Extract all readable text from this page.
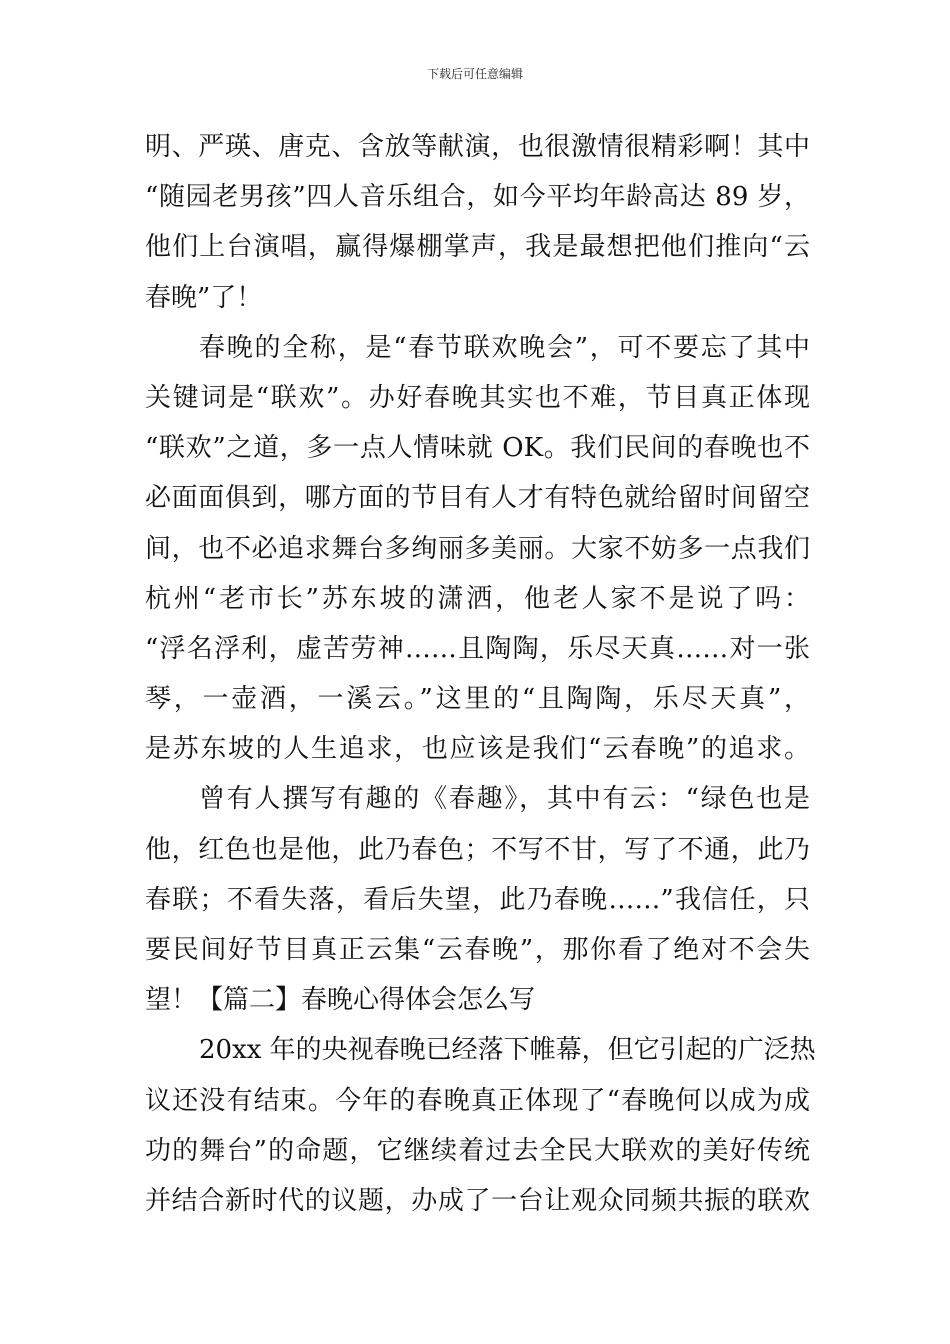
下载后可任意编辑
明、严瑛、唐克、含放等献演，也很激情很精彩啊！其中
“随园老男孩”四人音乐组合，如今平均年龄高达 89 岁，
他们上台演唱，赢得爆棚掌声，我是最想把他们推向“云
春晚”了！
春晚的全称，是“春节联欢晚会”，可不要忘了其中
关键词是“联欢”。办好春晚其实也不难，节目真正体现
“联欢”之道，多一点人情味就 OK。我们民间的春晚也不
必面面俱到，哪方面的节目有人才有特色就给留时间留空
间，也不必追求舞台多绚丽多美丽。大家不妨多一点我们
杭州“老市长”苏东坡的潇洒，他老人家不是说了吗：
“浮名浮利，虚苦劳神……且陶陶，乐尽天真……对一张
琴，一壶酒，一溪云。”这里的“且陶陶，乐尽天真”，
是苏东坡的人生追求，也应该是我们“云春晚”的追求。
曾有人撰写有趣的《春趣》，其中有云：“绿色也是
他，红色也是他，此乃春色；不写不甘，写了不通，此乃
春联；不看失落，看后失望，此乃春晚……”我信任，只
要民间好节目真正云集“云春晚”，那你看了绝对不会失
望！【篇二】春晚心得体会怎么写
20xx 年的央视春晚已经落下帷幕，但它引起的广泛热
议还没有结束。今年的春晚真正体现了“春晚何以成为成
功的舞台”的命题，它继续着过去全民大联欢的美好传统
并结合新时代的议题，办成了一台让观众同频共振的联欢
